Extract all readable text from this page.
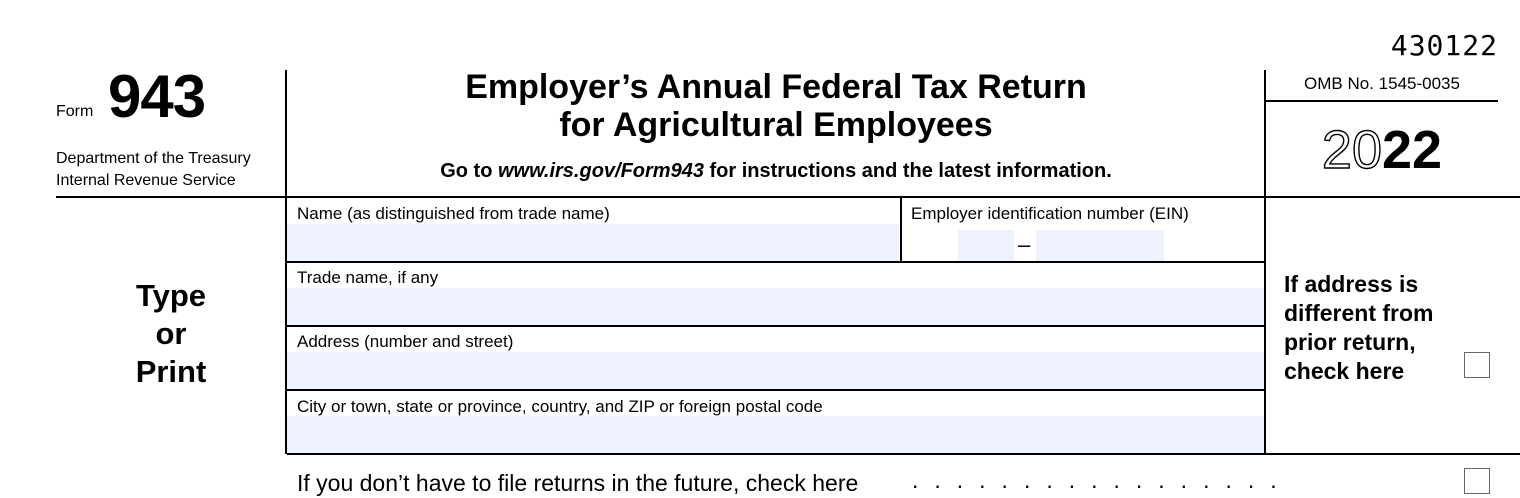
430122
Form 943
Department of the Treasury
Internal Revenue Service
Employer’s Annual Federal Tax Return
for Agricultural Employees
Go to www.irs.gov/Form943 for instructions and the latest information.
OMB No. 1545-0035
2022
Type
or
Print
Name (as distinguished from trade name)	Employer identification number (EIN)
–
Trade name, if any
Address (number and street)
City or town, state or province, country, and ZIP or foreign postal code
If address is
different from
prior return,
check here
If you don’t have to file returns in the future, check here .................
